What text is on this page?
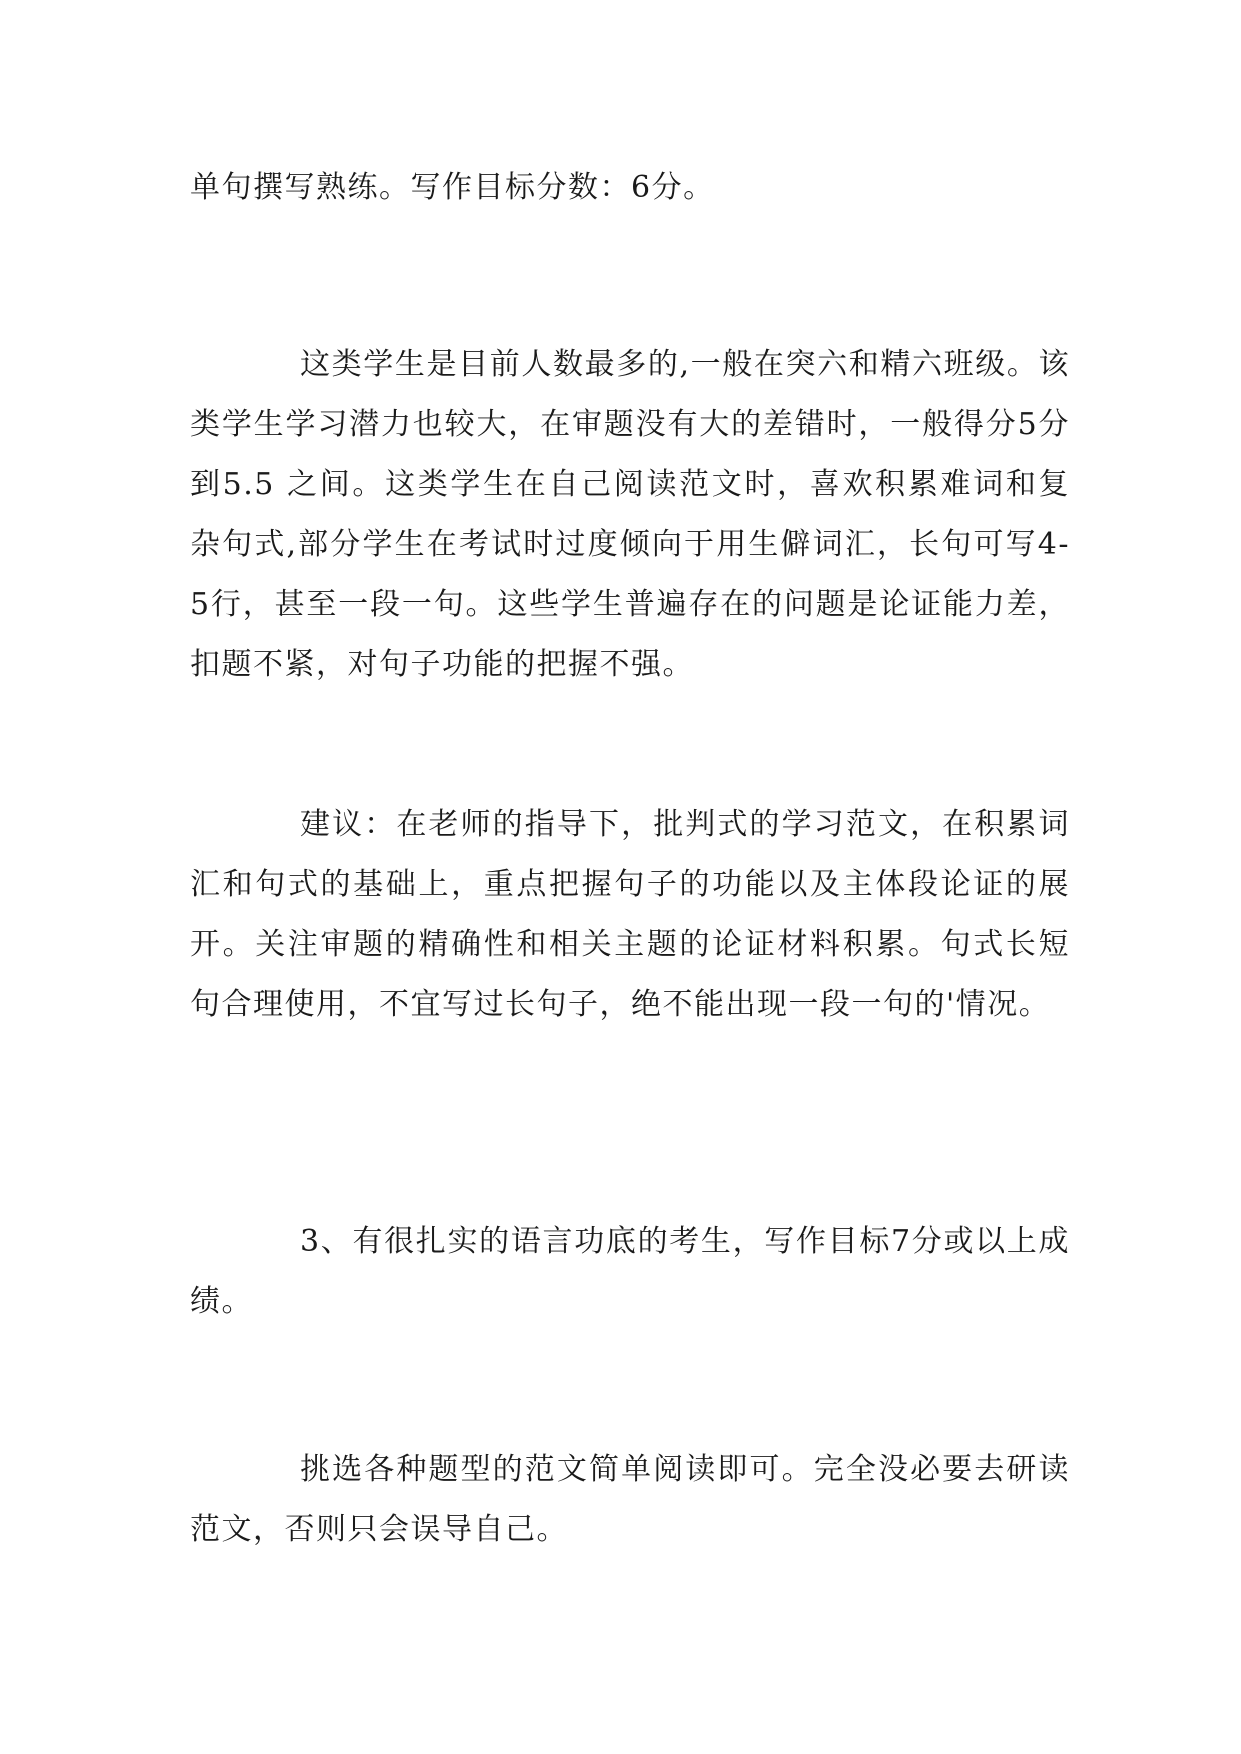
单句撰写熟练。写作目标分数：6分。

这类学生是目前人数最多的,一般在突六和精六班级。该类学生学习潜力也较大，在审题没有大的差错时，一般得分5分到5.5 之间。这类学生在自己阅读范文时，喜欢积累难词和复杂句式,部分学生在考试时过度倾向于用生僻词汇，长句可写4-5行，甚至一段一句。这些学生普遍存在的问题是论证能力差，扣题不紧，对句子功能的把握不强。

建议：在老师的指导下，批判式的学习范文，在积累词汇和句式的基础上，重点把握句子的功能以及主体段论证的展开。关注审题的精确性和相关主题的论证材料积累。句式长短句合理使用，不宜写过长句子，绝不能出现一段一句的'情况。

3、有很扎实的语言功底的考生，写作目标7分或以上成绩。

挑选各种题型的范文简单阅读即可。完全没必要去研读范文，否则只会误导自己。
